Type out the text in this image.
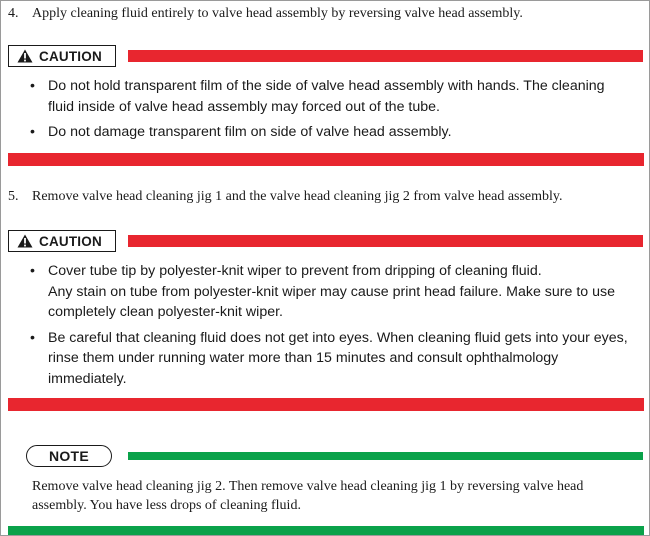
4. Apply cleaning fluid entirely to valve head assembly by reversing valve head assembly.
CAUTION
• Do not hold transparent film of the side of valve head assembly with hands. The cleaning fluid inside of valve head assembly may forced out of the tube.
• Do not damage transparent film on side of valve head assembly.
5. Remove valve head cleaning jig 1 and the valve head cleaning jig 2 from valve head assembly.
CAUTION
• Cover tube tip by polyester-knit wiper to prevent from dripping of cleaning fluid.
Any stain on tube from polyester-knit wiper may cause print head failure. Make sure to use completely clean polyester-knit wiper.
• Be careful that cleaning fluid does not get into eyes. When cleaning fluid gets into your eyes, rinse them under running water more than 15 minutes and consult ophthalmology immediately.
NOTE
Remove valve head cleaning jig 2. Then remove valve head cleaning jig 1 by reversing valve head assembly. You have less drops of cleaning fluid.
